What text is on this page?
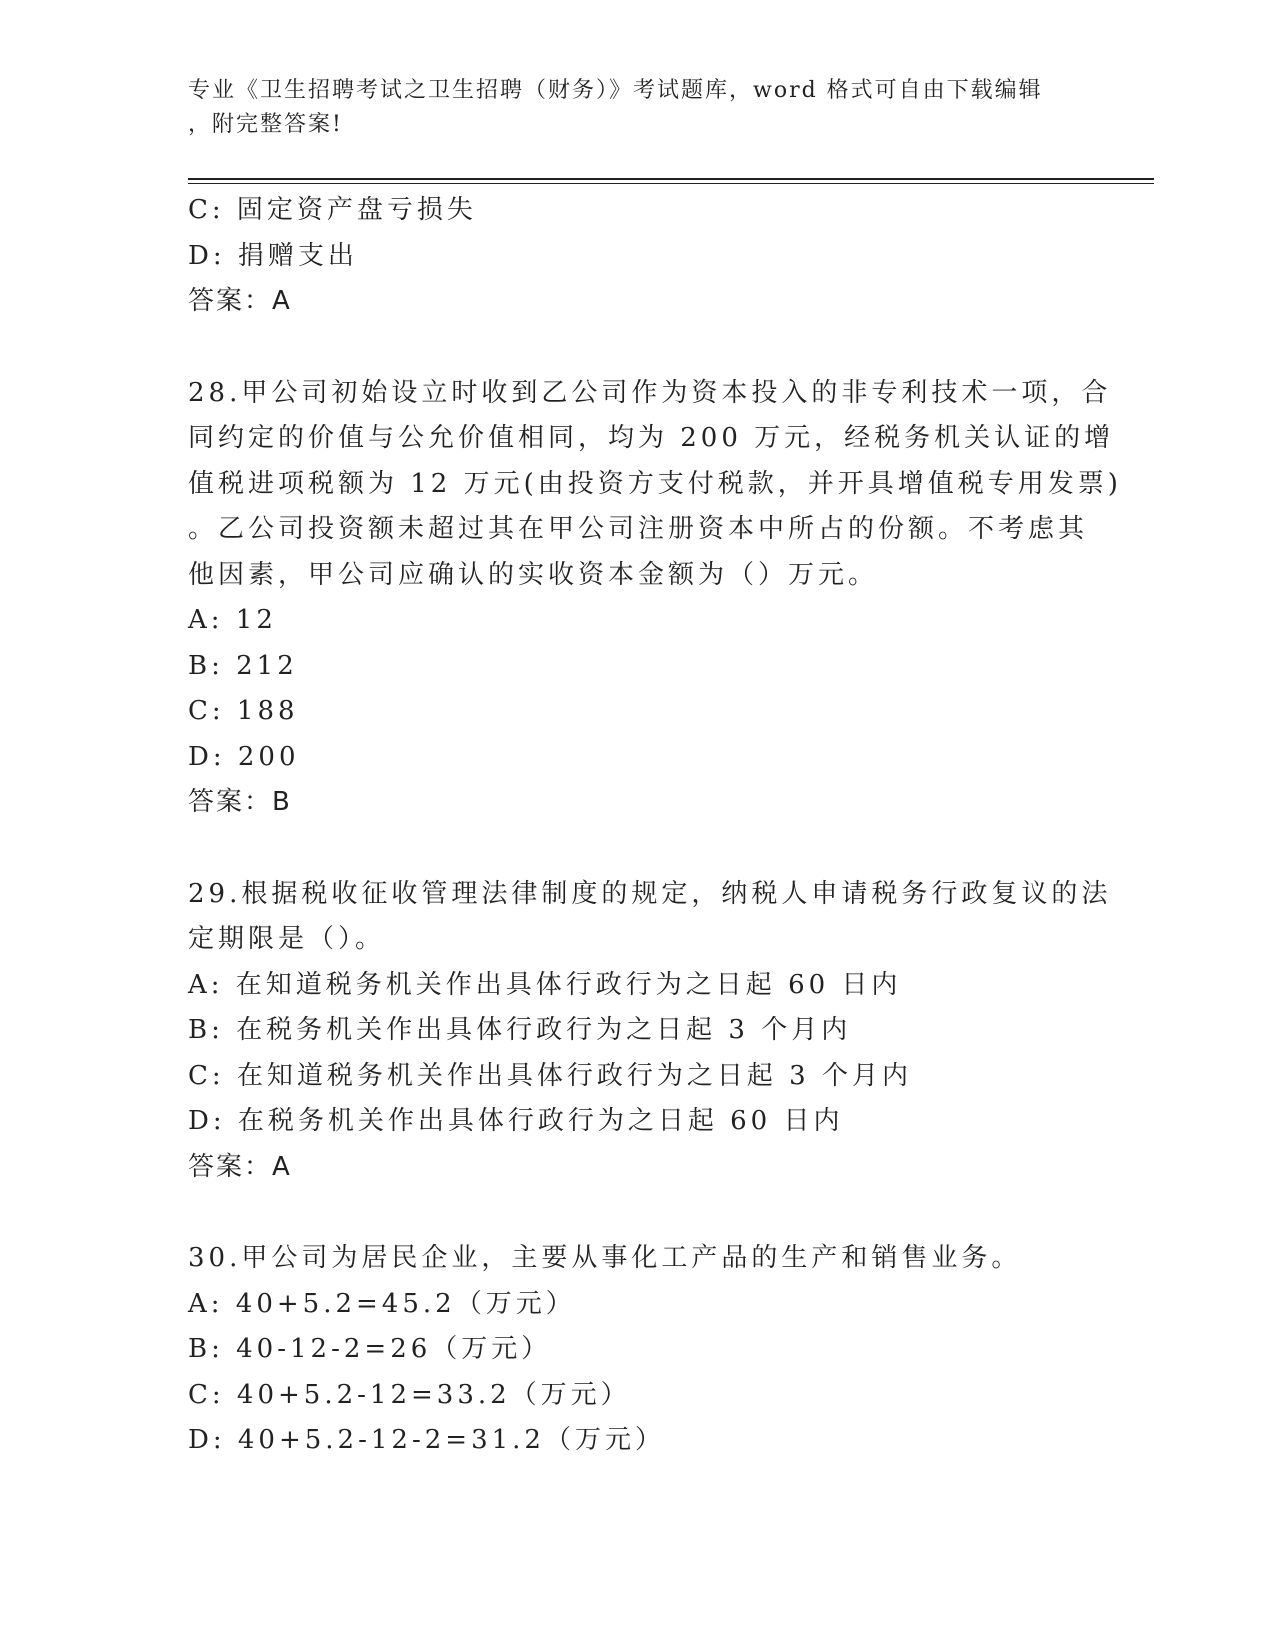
专业《卫生招聘考试之卫生招聘（财务）》考试题库，word 格式可自由下载编辑
，附完整答案!
C: 固定资产盘亏损失
D: 捐赠支出
答案：A
28.甲公司初始设立时收到乙公司作为资本投入的非专利技术一项，合
同约定的价值与公允价值相同，均为 200 万元，经税务机关认证的增
值税进项税额为 12 万元(由投资方支付税款，并开具增值税专用发票)
。乙公司投资额未超过其在甲公司注册资本中所占的份额。不考虑其
他因素，甲公司应确认的实收资本金额为（）万元。
A: 12
B: 212
C: 188
D: 200
答案：B
29.根据税收征收管理法律制度的规定，纳税人申请税务行政复议的法
定期限是（）。
A: 在知道税务机关作出具体行政行为之日起 60 日内
B: 在税务机关作出具体行政行为之日起 3 个月内
C: 在知道税务机关作出具体行政行为之日起 3 个月内
D: 在税务机关作出具体行政行为之日起 60 日内
答案：A
30.甲公司为居民企业，主要从事化工产品的生产和销售业务。
A: 40+5.2=45.2（万元）
B: 40-12-2=26（万元）
C: 40+5.2-12=33.2（万元）
D: 40+5.2-12-2=31.2（万元）
